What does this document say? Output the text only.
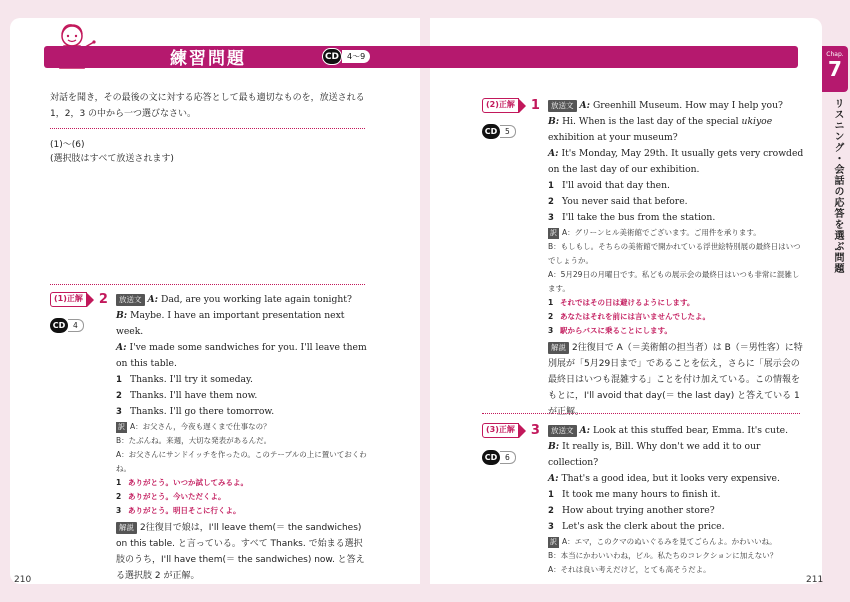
練習問題	CD 4～9	Chap.
7
リスニング・会話の応答を選ぶ問題
対話を聞き，その最後の文に対する応答として最も適切なものを，放送される 1，2，3 の中から一つ選びなさい。
(1)～(6)
(選択肢はすべて放送されます)
(1)正解	2
CD	4
放送文 A: Dad, are you working late again tonight?
B: Maybe. I have an important presentation next week.
A: I've made some sandwiches for you. I'll leave them on this table.
1 Thanks. I'll try it someday.
2 Thanks. I'll have them now.
3 Thanks. I'll go there tomorrow.
訳 A：お父さん，今夜も遅くまで仕事なの？
B：たぶんね。来週，大切な発表があるんだ。
A：お父さんにサンドイッチを作ったの。このテーブルの上に置いておくわね。
1 ありがとう。いつか試してみるよ。
2 ありがとう。今いただくよ。
3 ありがとう。明日そこに行くよ。
解説 2往復目で娘は，I'll leave them(＝ the sandwiches) on this table. と言っている。すべて Thanks. で始まる選択肢のうち，I'll have them(＝ the sandwiches) now. と答える選択肢 2 が正解。
(2)正解	1
CD	5
放送文 A: Greenhill Museum. How may I help you?
B: Hi. When is the last day of the special ukiyoe exhibition at your museum?
A: It's Monday, May 29th. It usually gets very crowded on the last day of our exhibition.
1 I'll avoid that day then.
2 You never said that before.
3 I'll take the bus from the station.
訳 A：グリーンヒル美術館でございます。ご用件を承ります。
B：もしもし。そちらの美術館で開かれている浮世絵特別展の最終日はいつでしょうか。
A：5月29日の月曜日です。私どもの展示会の最終日はいつも非常に混雑します。
1 それではその日は避けるようにします。
2 あなたはそれを前には言いませんでしたよ。
3 駅からバスに乗ることにします。
解説 2往復目で A（＝美術館の担当者）は B（＝男性客）に特別展が「5月29日まで」であることを伝え，さらに「展示会の最終日はいつも混雑する」ことを付け加えている。この情報をもとに，I'll avoid that day(＝ the last day) と答えている 1 が正解。
(3)正解	3
CD	6
放送文 A: Look at this stuffed bear, Emma. It's cute.
B: It really is, Bill. Why don't we add it to our collection?
A: That's a good idea, but it looks very expensive.
1 It took me many hours to finish it.
2 How about trying another store?
3 Let's ask the clerk about the price.
訳 A：エマ，このクマのぬいぐるみを見てごらんよ。かわいいね。
B：本当にかわいいわね，ビル。私たちのコレクションに加えない？
A：それは良い考えだけど，とても高そうだよ。
210	211
